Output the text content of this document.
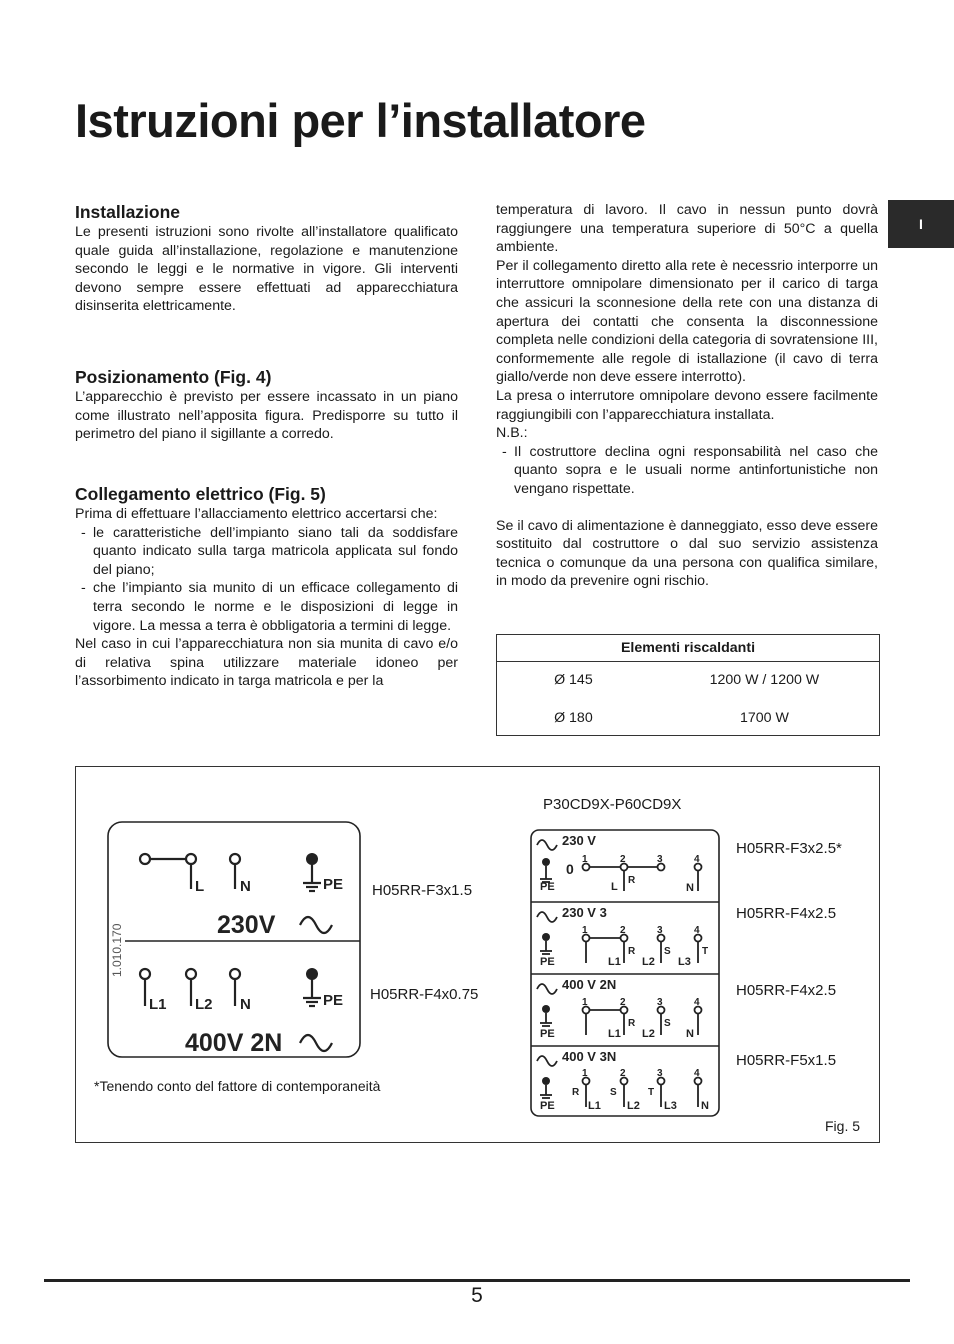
Istruzioni per l’installatore
I
Installazione

Le presenti istruzioni sono rivolte all’installatore qualificato quale guida all’installazione, regolazione e manutenzione secondo le leggi e le normative in vigore. Gli interventi devono sempre essere effettuati ad apparecchiatura disinserita elettricamente.

Posizionamento (Fig. 4)

L’apparecchio è previsto per essere incassato in un piano come illustrato nell’apposita figura. Predisporre su tutto il perimetro del piano il sigillante a corredo.

Collegamento elettrico (Fig. 5)

Prima di effettuare l’allacciamento elettrico accertarsi che:

- le caratteristiche dell’impianto siano tali da soddisfare quanto indicato sulla targa matricola applicata sul fondo del piano;
- che l’impianto sia munito di un efficace collegamento di terra secondo le norme e le disposizioni di legge in vigore. La messa a terra è obbligatoria a termini di legge.

Nel caso in cui l’apparecchiatura non sia munita di cavo e/o di relativa spina utilizzare materiale idoneo per l’assorbimento indicato in targa matricola e per la

temperatura di lavoro. Il cavo in nessun punto dovrà raggiungere una temperatura superiore di 50°C a quella ambiente.

Per il collegamento diretto alla rete è necessrio interporre un interruttore omnipolare dimensionato per il carico di targa che assicuri la sconnesione della rete con una distanza di apertura dei contatti che consenta la disconnessione completa nelle condizioni della categoria di sovratensione III, conformemente alle regole di istallazione (il cavo di terra giallo/verde non deve essere interrotto).

La presa o interrutore omnipolare devono essere facilmente raggiungibili con l’apparecchiatura installata.

N.B.:

- Il costruttore declina ogni responsabilità nel caso che quanto sopra e le usuali norme antinfortunistiche non vengano rispettate.

Se il cavo di alimentazione è danneggiato, esso deve essere sostituito dal costruttore o dal suo servizio assistenza tecnica o comunque da una persona con qualifica similare, in modo da prevenire ogni rischio.

Elementi riscaldanti	
Ø 145	1200 W / 1200 W
Ø 180	1700 W
L N	PE
L1 L2 N	PE
230V
400V 2N
1.010.170
H05RR-F3x1.5
H05RR-F4x0.75
P30CD9X-P60CD9X
230 V
230 V 3
400 V 2N
400 V 3N
0
PE	L
R
N
1	2	3	4
PE	L1 L2 L3
R	S	T
1	2	3	4
PE	L1 L2	N
R	S
1	2	3	4
PE	L1 L2 L3 N
R	S	T
1	2	3	4
H05RR-F3x2.5*
H05RR-F4x2.5
H05RR-F4x2.5
H05RR-F5x1.5
*Tenendo conto del fattore di contemporaneità
Fig. 5
5
